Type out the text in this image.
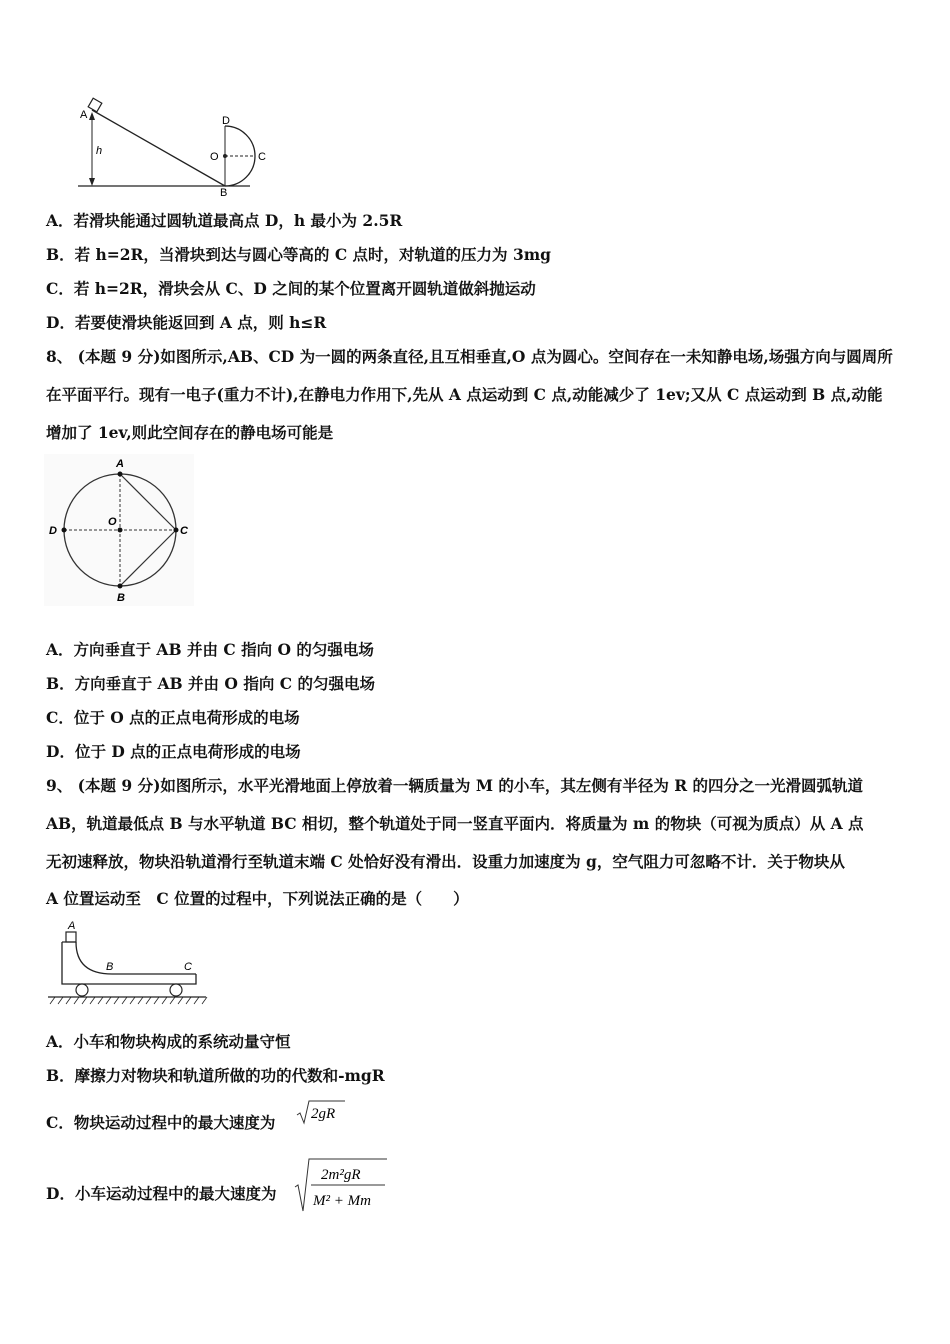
A
h
D
O	C
B
A．若滑块能通过圆轨道最高点 D，h 最小为 2.5R
B．若 h=2R，当滑块到达与圆心等高的 C 点时，对轨道的压力为 3mg
C．若 h=2R，滑块会从 C、D 之间的某个位置离开圆轨道做斜抛运动
D．若要使滑块能返回到 A 点，则 h≤R
8、 (本题 9 分)如图所示,AB、CD 为一圆的两条直径,且互相垂直,O 点为圆心。空间存在一未知静电场,场强方向与圆周所
在平面平行。现有一电子(重力不计),在静电力作用下,先从 A 点运动到 C 点,动能减少了 1ev;又从 C 点运动到 B 点,动能
增加了 1ev,则此空间存在的静电场可能是
A
B
C
D
O
A．方向垂直于 AB 并由 C 指向 O 的匀强电场
B．方向垂直于 AB 并由 O 指向 C 的匀强电场
C．位于 O 点的正点电荷形成的电场
D．位于 D 点的正点电荷形成的电场
9、 (本题 9 分)如图所示，水平光滑地面上停放着一辆质量为 M 的小车，其左侧有半径为 R 的四分之一光滑圆弧轨道
AB，轨道最低点 B 与水平轨道 BC 相切，整个轨道处于同一竖直平面内．将质量为 m 的物块（可视为质点）从 A 点
无初速释放，物块沿轨道滑行至轨道末端 C 处恰好没有滑出．设重力加速度为 g，空气阻力可忽略不计．关于物块从
A 位置运动至　C 位置的过程中，下列说法正确的是（　　）
A
B	C
A．小车和物块构成的系统动量守恒
B．摩擦力对物块和轨道所做的功的代数和-mgR
C．物块运动过程中的最大速度为 2gR
D．小车运动过程中的最大速度为
2m²gR
M² + Mm
